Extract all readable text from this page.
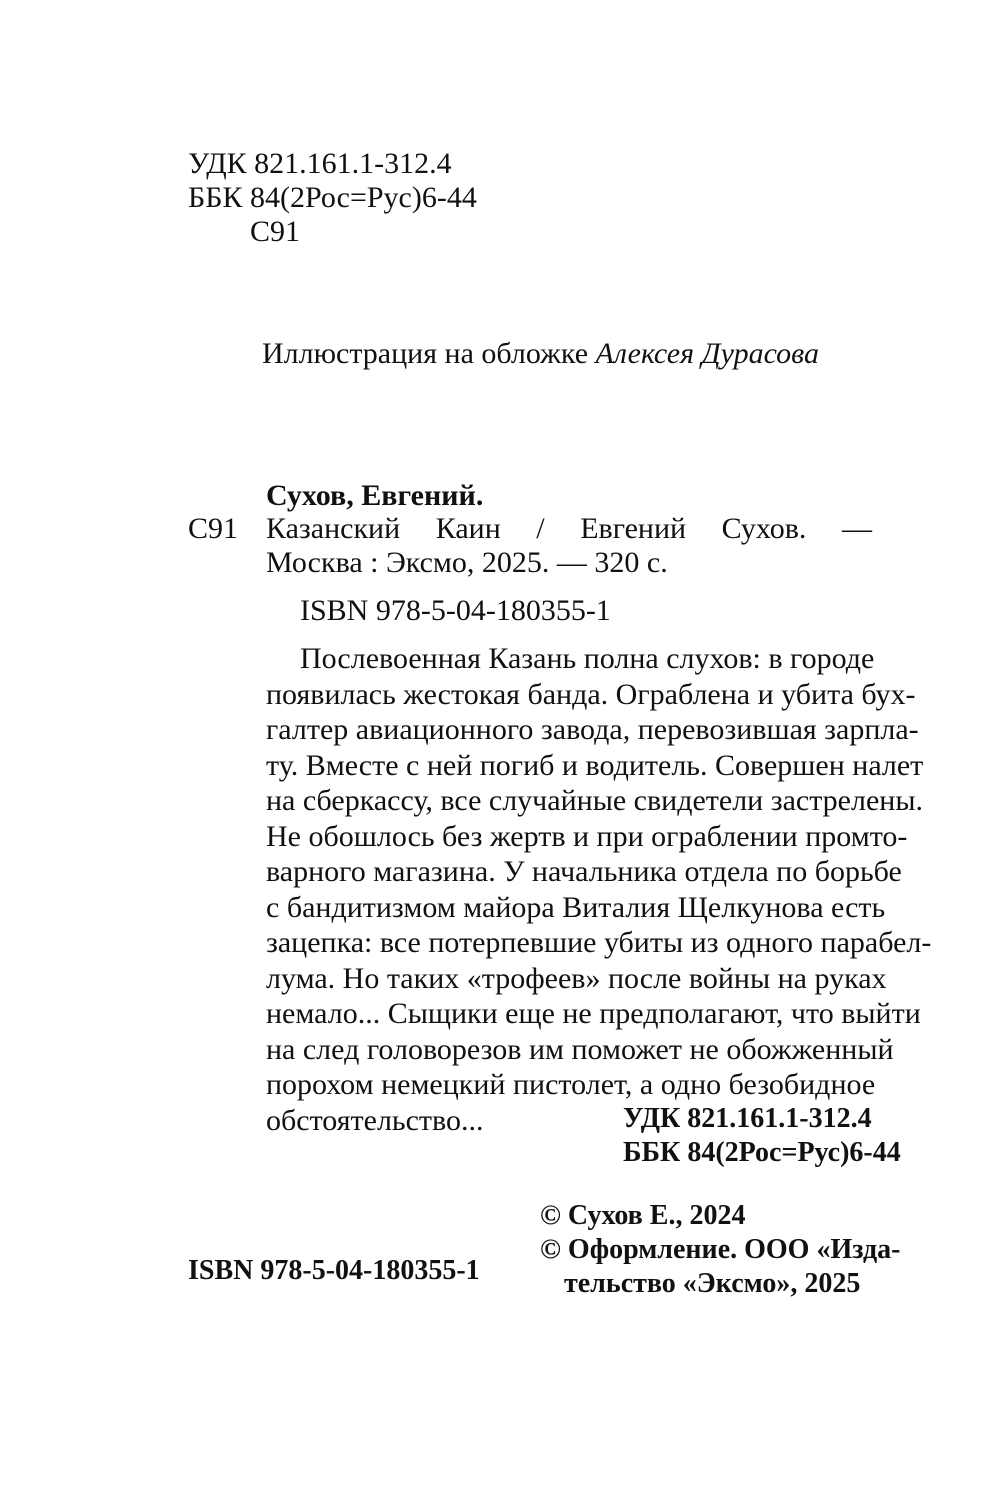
УДК 821.161.1-312.4
ББК 84(2Рос=Рус)6-44
С91
Иллюстрация на обложке Алексея Дурасова
Сухов, Евгений.
С91 Казанский Каин / Евгений Сухов. —
Москва : Эксмо, 2025. — 320 с.
ISBN 978-5-04-180355-1
Послевоенная Казань полна слухов: в городе
появилась жестокая банда. Ограблена и убита бух-
галтер авиационного завода, перевозившая зарпла-
ту. Вместе с ней погиб и водитель. Совершен налет
на сберкассу, все случайные свидетели застрелены.
Не обошлось без жертв и при ограблении промто-
варного магазина. У начальника отдела по борьбе
с бандитизмом майора Виталия Щелкунова есть
зацепка: все потерпевшие убиты из одного парабел-
лума. Но таких «трофеев» после войны на руках
немало... Сыщики еще не предполагают, что выйти
на след головорезов им поможет не обожженный
порохом немецкий пистолет, а одно безобидное
обстоятельство...	УДК 821.161.1-312.4
ББК 84(2Рос=Рус)6-44
© Сухов Е., 2024
© Оформление. ООО «Изда-
тельство «Эксмо», 2025
ISBN 978-5-04-180355-1
